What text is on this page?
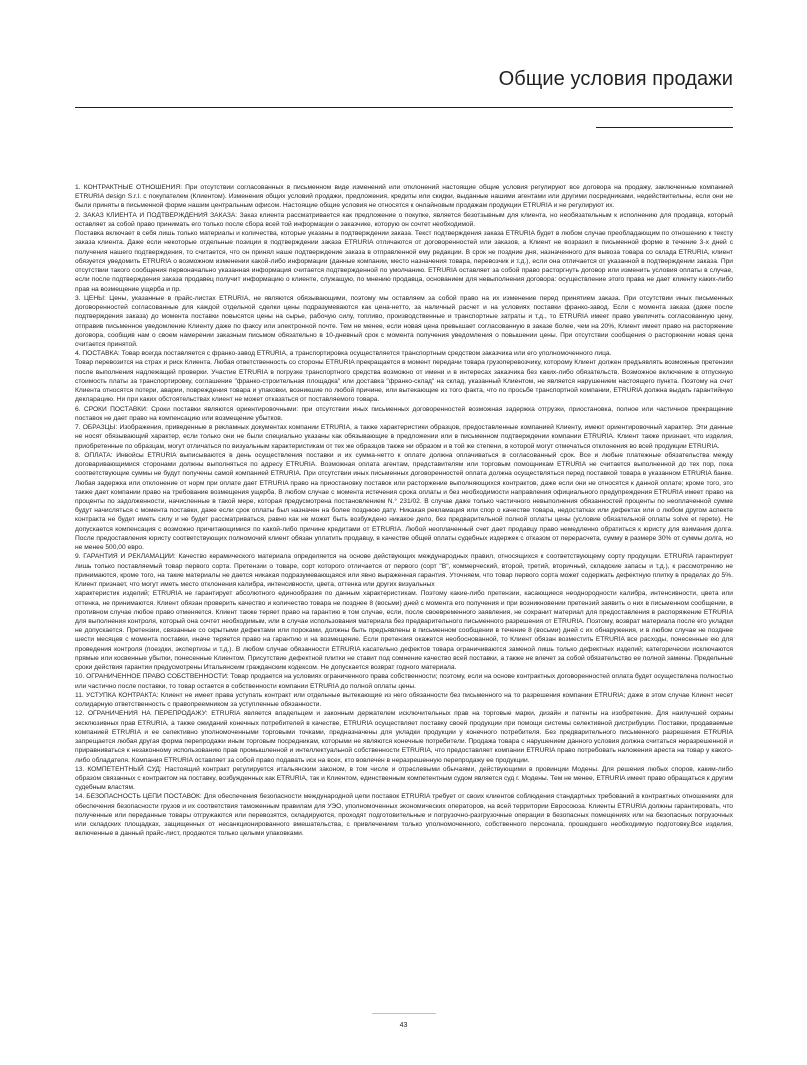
Общие условия продажи

1. КОНТРАКТНЫЕ ОТНОШЕНИЯ: При отсутствии согласованных в письменном виде изменений или отклонений настоящие общие условия регулируют все договора на продажу, заключенные компанией ETRURIA design S.r.l. с покупателем (Клиентом). Изменения общих условий продажи, предложения, кредиты или скидки, выданные нашими агентами или другими посредниками, недействительны, если они не были приняты в письменной форме нашим центральным офисом. Настоящие общие условия не относятся к онлайновым продажам продукции ETRURIA и не регулируют их.

2. ЗАКАЗ КЛИЕНТА И ПОДТВЕРЖДЕНИЯ ЗАКАЗА: Заказ клиента рассматривается как предложение о покупке, является безотзывным для клиента, но необязательным к исполнению для продавца, который оставляет за собой право принимать его только после сбора всей той информации о заказчике, которую он сочтет необходимой.

Поставка включает в себя лишь только материалы и количества, которые указаны в подтверждении заказа. Текст подтверждения заказа ETRURIA будет в любом случае преобладающим по отношению к тексту заказа клиента. Даже если некоторые отдельные позиции в подтверждении заказа ETRURIA отличаются от договоренностей или заказов, а Клиент не возразил в письменной форме в течение 3-х дней с получения нашего подтверждения, то считается, что он принял наше подтверждение заказа в отправленной ему редакции. В срок не поздние дня, назначенного для вывоза товара со склада ETRURIA, клиент обязуется уведомить ETRURIA о возможном изменении какой-либо информации (данные компании, место назначения товара, перевозчик и т.д.), если она отличается от указанной в подтверждении заказа. При отсутствии такого сообщения первоначально указанная информация считается подтвержденной по умолчанию. ETRURIA оставляет за собой право расторгнуть договор или изменить условия оплаты в случае, если после подтверждения заказа продавец получит информацию о клиенте, служащую, по мнению продавца, основанием для невыполнения договора: осуществление этого права не дает клиенту каких-либо прав на возмещение ущерба и пр.

3. ЦЕНЫ: Цены, указанные в прайс-листах ETRURIA, не являются обязывающими, поэтому мы оставляем за собой право на их изменение перед принятием заказа. При отсутствии иных письменных договоренностей согласованные для каждой отдельной сделки цены подразумеваются как цена-нетто, за наличный расчет и на условиях поставки франко-завод. Если с момента заказа (даже после подтверждения заказа) до момента поставки повысятся цены на сырье, рабочую силу, топливо, производственные и транспортные затраты и т.д., то ETRURIA имеет право увеличить согласованную цену, отправив письменное уведомление Клиенту даже по факсу или электронной почте. Тем не менее, если новая цена превышает согласованную в заказе более, чем на 20%, Клиент имеет право на расторжение договора, сообщив нам о своем намерении заказным письмом обязательно в 10-дневный срок с момента получения уведомления о повышении цены. При отсутствии сообщения о расторжении новая цена считается принятой.

4. ПОСТАВКА: Товар всегда поставляется с франко-завод ETRURIA, а транспортировка осуществляется транспортным средством заказчика или его уполномоченного лица.

Товар перевозится на страх и риск Клиента. Любая ответственность со стороны ETRURIA прекращается в момент передачи товара грузоперевозчику, которому Клиент должен предъявлять возможные претензии после выполнения надлежащей проверки. Участие ETRURIA в погрузке транспортного средства возможно от имени и в интересах заказчика без каких-либо обязательств. Возможное включение в отпускную стоимость платы за транспортировку, соглашение "франко-строительная площадка" или доставка "франко-склад" на склад, указанный Клиентом, не является нарушением настоящего пункта. Поэтому на счет Клиента относятся потери, аварии, повреждения товара и упаковки, возникшие по любой причине, или вытекающие из того факта, что по просьбе транспортной компании, ETRURIA должна выдать гарантийную декларацию. Ни при каких обстоятельствах клиент не может отказаться от поставляемого товара.

6. СРОКИ ПОСТАВКИ: Сроки поставки являются ориентировочными: при отсутствии иных письменных договоренностей возможная задержка отгрузки, приостановка, полное или частичное прекращение поставок не дает право на компенсацию или возмещение убытков.

7. ОБРАЗЦЫ: Изображения, приведенные в рекламных документах компании ETRURIA, а также характеристики образцов, предоставленные компанией Клиенту, имеют ориентировочный характер. Эти данные не носят обязывающий характер, если только они не были специально указаны как обязывающие в предложении или в письменном подтверждении компании ETRURIA. Клиент также признает, что изделия, приобретенные по образцам, могут отличаться по визуальным характеристикам от тех же образцов также ни образом и в той же степени, в которой могут отмечаться отклонения во всей продукции ETRURIA.

8. ОПЛАТА: Инвойсы ETRURIA выписываются в день осуществления поставки и их сумма-нетто к оплате должна оплачиваться в согласованный срок. Все и любые платежные обязательства между договаривающимися сторонами должны выполняться по адресу ETRURIA. Возможная оплата агентам, представителям или торговым помощникам ETRURIA не считается выполненной до тех пор, пока соответствующие суммы не будут получены самой компанией ETRURIA. При отсутствии иных письменных договоренностей оплата должна осуществляться перед поставкой товара в указанном ETRURIA банке. Любая задержка или отклонение от норм при оплате дает ETRURIA право на приостановку поставок или расторжение выполняющихся контрактов, даже если они не относятся к данной оплате; кроме того, это также дает компании право на требование возмещения ущерба. В любом случае с момента истечения срока оплаты и без необходимости направления официального предупреждения ETRURIA имеет право на проценты по задолженности, начисленные в такой мере, которая предусмотрена постановлением N.° 231/02. В случае даже только частичного невыполнения обязанностей проценты по неоплаченной сумме будут начисляться с момента поставки, даже если срок оплаты был назначен на более позднюю дату. Никакая рекламация или спор о качестве товара, недостатках или дефектах или о любом другом аспекте контракта не будет иметь силу и не будет рассматриваться, равно как не может быть возбуждено никакое дело, без предварительной полной оплаты цены (условие обязательной оплаты solve et repete). Не допускается компенсация с возможно причитающимися по какой-либо причине кредитами от ETRURIA. Любой неоплаченный счет дает продавцу право немедленно обратиться к юристу для взимания долга. После предоставления юристу соответствующих полномочий клиент обязан уплатить продавцу, в качестве общей оплаты судебных издержек с отказом от перерасчета, сумму в размере 30% от суммы долга, но не менее 500,00 евро.

9. ГАРАНТИЯ И РЕКЛАМАЦИИ: Качество керамического материала определяется на основе действующих международных правил, относящихся к соответствующему сорту продукции. ETRURIA гарантирует лишь только поставляемый товар первого сорта. Претензии о товаре, сорт которого отличается от первого (сорт "B", коммерческий, второй, третий, вторичный, складские запасы и т.д.), к рассмотрению не принимаются, кроме того, на такие материалы не дается никакая подразумевающаяся или явно выраженная гарантия. Уточняем, что товар первого сорта может содержать дефектную плитку в пределах до 5%. Клиент признает, что могут иметь место отклонения калибра, интенсивности, цвета, оттенка или других визуальных

характеристик изделий; ETRURIA не гарантирует абсолютного единообразия по данным характеристикам. Поэтому какие-либо претензии, касающиеся неоднородности калибра, интенсивности, цвета или оттенка, не принимаются. Клиент обязан проверить качество и количество товара не позднее 8 (восьми) дней с момента его получения и при возникновении претензий заявить о них в письменном сообщении, в противном случае любое право отменяется. Клиент также теряет право на гарантию в том случае, если, после своевременного заявления, не сохранит материал для предоставления в распоряжение ETRURIA для выполнения контроля, который она сочтет необходимым, или в случае использования материала без предварительного письменного разрешения от ETRURIA. Поэтому, возврат материала после его укладки не допускается. Претензии, связанные со скрытыми дефектами или пороками, должны быть предъявлены в письменном сообщении в течение 8 (восьми) дней с их обнаружения, и в любом случае не позднее шести месяцев с момента поставки, иначе теряется право на гарантию и на возмещение. Если претензия окажется необоснованной, то Клиент обязан возместить ETRURIA все расходы, понесенные ею для проведения контроля (поездки, экспертизы и т.д.). В любом случае обязанности ETRURIA касательно дефектов товара ограничиваются заменой лишь только дефектных изделий; категорически исключаются прямые или косвенные убытки, понесенные Клиентом. Присутствие дефектной плитки не ставит под сомнение качество всей поставки, а также не влечет за собой обязательство ее полной замены. Предельные сроки действия гарантии предусмотрены Итальянским гражданским кодексом. Не допускается возврат годного материала.

10. ОГРАНИЧЕННОЕ ПРАВО СОБСТВЕННОСТИ: Товар продается на условиях ограниченного права собственности; поэтому, если на основе контрактных договоренностей оплата будет осуществлена полностью или частично после поставки, то товар остается в собственности компании ETRURIA до полной оплаты цены.

11. УСТУПКА КОНТРАКТА: Клиент не имеет права уступать контракт или отдельные вытекающие из него обязанности без письменного на то разрешения компании ETRURIA; даже в этом случае Клиент несет солидарную ответственность с правопреемником за уступленные обязанности.

12. ОГРАНИЧЕНИЯ НА ПЕРЕПРОДАЖУ: ETRURIA является владельцем и законным держателем исключительных прав на торговые марки, дизайн и патенты на изобретение. Для наилучшей охраны эксклюзивных прав ETRURIA, а также ожиданий конечных потребителей в качестве, ETRURIA осуществляет поставку своей продукции при помощи системы селективной дистрибуции. Поставки, продаваемые компанией ETRURIA и ее селективно уполномоченными торговыми точками, предназначены для укладки продукции у конечного потребителя. Без предварительного письменного разрешения ETRURIA запрещается любая другая форма перепродажи иным торговым посредникам, которыми не являются конечные потребители. Продажа товара с нарушением данного условия должна считаться неразрешенной и приравниваться к незаконному использованию прав промышленной и интеллектуальной собственности ETRURIA, что предоставляет компании ETRURIA право потребовать наложения ареста на товар у какого-либо обладателя. Компания ETRURIA оставляет за собой право подавать иск на всех, кто вовлечен в неразрешенную перепродажу ее продукции.

13. КОМПЕТЕНТНЫЙ СУД: Настоящий контракт регулируется итальянским законом, в том числе и отраслевыми обычаями, действующими в провинции Модены. Для решения любых споров, каким-либо образом связанных с контрактом на поставку, возбужденных как ETRURIA, так и Клиентом, единственным компетентным судом является суд г. Модены. Тем не менее, ETRURIA имеет право обращаться к другим судебным властям.

14. БЕЗОПАСНОСТЬ ЦЕПИ ПОСТАВОК: Для обеспечения безопасности международной цепи поставок ETRURIA требует от своих клиентов соблюдения стандартных требований в контрактных отношениях для обеспечения безопасности грузов и их соответствия таможенным правилам для УЭО, уполномоченных экономических операторов, на всей территории Евросоюза. Клиенты ETRURIA должны гарантировать, что полученные или переданные товары отгружаются или перевозятся, складируются, проходят подготовительные и погрузочно-разгрузочные операции в безопасных помещениях или на безопасных погрузочных или складских площадках, защищенных от несанкционированного вмешательства, с привлечением только уполномоченного, собственного персонала, прошедшего необходимую подготовку.Все изделия, включенные в данный прайс-лист, продаются только целыми упаковками.

43
